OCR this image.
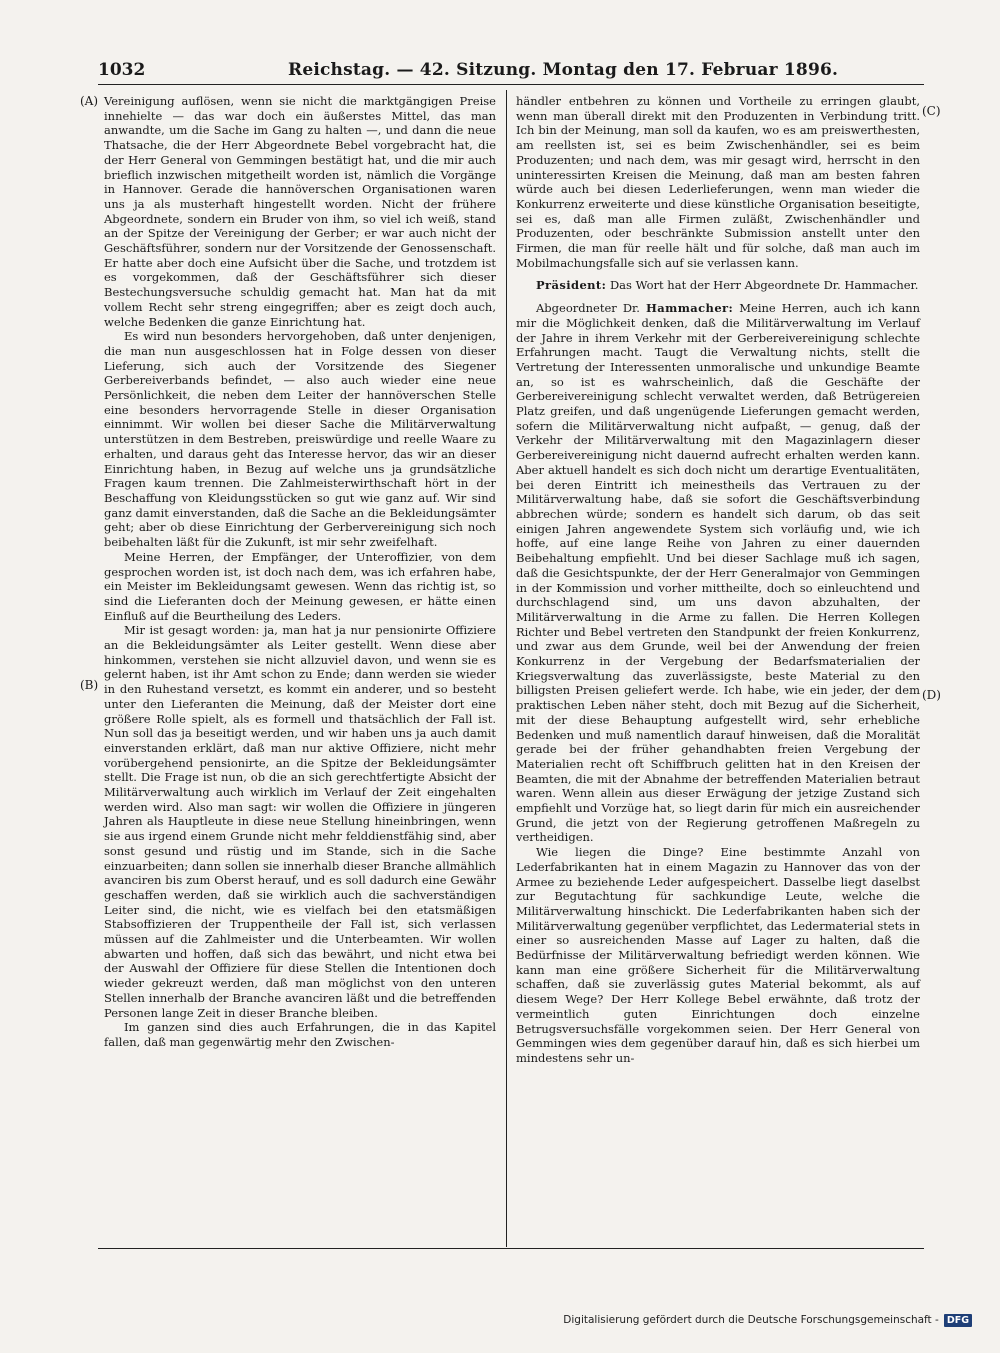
1032	Reichstag. — 42. Sitzung. Montag den 17. Februar 1896.
(A)
(B)
(C)
(D)

Vereinigung auflösen, wenn sie nicht die marktgängigen Preise innehielte — das war doch ein äußerstes Mittel, das man anwandte, um die Sache im Gang zu halten —, und dann die neue Thatsache, die der Herr Abgeordnete Bebel vorgebracht hat, die der Herr General von Gemmingen bestätigt hat, und die mir auch brieflich inzwischen mitgetheilt worden ist, nämlich die Vorgänge in Hannover. Gerade die hannöverschen Organisationen waren uns ja als musterhaft hingestellt worden. Nicht der frühere Abgeordnete, sondern ein Bruder von ihm, so viel ich weiß, stand an der Spitze der Vereinigung der Gerber; er war auch nicht der Geschäftsführer, sondern nur der Vorsitzende der Genossenschaft. Er hatte aber doch eine Aufsicht über die Sache, und trotzdem ist es vorgekommen, daß der Geschäftsführer sich dieser Bestechungsversuche schuldig gemacht hat. Man hat da mit vollem Recht sehr streng eingegriffen; aber es zeigt doch auch, welche Bedenken die ganze Einrichtung hat.

Es wird nun besonders hervorgehoben, daß unter denjenigen, die man nun ausgeschlossen hat in Folge dessen von dieser Lieferung, sich auch der Vorsitzende des Siegener Gerbereiverbands befindet, — also auch wieder eine neue Persönlichkeit, die neben dem Leiter der hannöverschen Stelle eine besonders hervorragende Stelle in dieser Organisation einnimmt. Wir wollen bei dieser Sache die Militärverwaltung unterstützen in dem Bestreben, preiswürdige und reelle Waare zu erhalten, und daraus geht das Interesse hervor, das wir an dieser Einrichtung haben, in Bezug auf welche uns ja grundsätzliche Fragen kaum trennen. Die Zahlmeisterwirthschaft hört in der Beschaffung von Kleidungsstücken so gut wie ganz auf. Wir sind ganz damit einverstanden, daß die Sache an die Bekleidungsämter geht; aber ob diese Einrichtung der Gerbervereinigung sich noch beibehalten läßt für die Zukunft, ist mir sehr zweifelhaft.

Meine Herren, der Empfänger, der Unteroffizier, von dem gesprochen worden ist, ist doch nach dem, was ich erfahren habe, ein Meister im Bekleidungsamt gewesen. Wenn das richtig ist, so sind die Lieferanten doch der Meinung gewesen, er hätte einen Einfluß auf die Beurtheilung des Leders.

Mir ist gesagt worden: ja, man hat ja nur pensionirte Offiziere an die Bekleidungsämter als Leiter gestellt. Wenn diese aber hinkommen, verstehen sie nicht allzuviel davon, und wenn sie es gelernt haben, ist ihr Amt schon zu Ende; dann werden sie wieder in den Ruhestand versetzt, es kommt ein anderer, und so besteht unter den Lieferanten die Meinung, daß der Meister dort eine größere Rolle spielt, als es formell und thatsächlich der Fall ist. Nun soll das ja beseitigt werden, und wir haben uns ja auch damit einverstanden erklärt, daß man nur aktive Offiziere, nicht mehr vorübergehend pensionirte, an die Spitze der Bekleidungsämter stellt. Die Frage ist nun, ob die an sich gerechtfertigte Absicht der Militärverwaltung auch wirklich im Verlauf der Zeit eingehalten werden wird. Also man sagt: wir wollen die Offiziere in jüngeren Jahren als Hauptleute in diese neue Stellung hineinbringen, wenn sie aus irgend einem Grunde nicht mehr felddienstfähig sind, aber sonst gesund und rüstig und im Stande, sich in die Sache einzuarbeiten; dann sollen sie innerhalb dieser Branche allmählich avanciren bis zum Oberst herauf, und es soll dadurch eine Gewähr geschaffen werden, daß sie wirklich auch die sachverständigen Leiter sind, die nicht, wie es vielfach bei den etatsmäßigen Stabsoffizieren der Truppentheile der Fall ist, sich verlassen müssen auf die Zahlmeister und die Unterbeamten. Wir wollen abwarten und hoffen, daß sich das bewährt, und nicht etwa bei der Auswahl der Offiziere für diese Stellen die Intentionen doch wieder gekreuzt werden, daß man möglichst von den unteren Stellen innerhalb der Branche avanciren läßt und die betreffenden Personen lange Zeit in dieser Branche bleiben.

Im ganzen sind dies auch Erfahrungen, die in das Kapitel fallen, daß man gegenwärtig mehr den Zwischen-

händler entbehren zu können und Vortheile zu erringen glaubt, wenn man überall direkt mit den Produzenten in Verbindung tritt. Ich bin der Meinung, man soll da kaufen, wo es am preiswerthesten, am reellsten ist, sei es beim Zwischenhändler, sei es beim Produzenten; und nach dem, was mir gesagt wird, herrscht in den uninteressirten Kreisen die Meinung, daß man am besten fahren würde auch bei diesen Lederlieferungen, wenn man wieder die Konkurrenz erweiterte und diese künstliche Organisation beseitigte, sei es, daß man alle Firmen zuläßt, Zwischenhändler und Produzenten, oder beschränkte Submission anstellt unter den Firmen, die man für reelle hält und für solche, daß man auch im Mobilmachungsfalle sich auf sie verlassen kann.

Präsident: Das Wort hat der Herr Abgeordnete Dr. Hammacher.

Abgeordneter Dr. Hammacher: Meine Herren, auch ich kann mir die Möglichkeit denken, daß die Militärverwaltung im Verlauf der Jahre in ihrem Verkehr mit der Gerbereivereinigung schlechte Erfahrungen macht. Taugt die Verwaltung nichts, stellt die Vertretung der Interessenten unmoralische und unkundige Beamte an, so ist es wahrscheinlich, daß die Geschäfte der Gerbereivereinigung schlecht verwaltet werden, daß Betrügereien Platz greifen, und daß ungenügende Lieferungen gemacht werden, sofern die Militärverwaltung nicht aufpaßt, — genug, daß der Verkehr der Militärverwaltung mit den Magazinlagern dieser Gerbereivereinigung nicht dauernd aufrecht erhalten werden kann. Aber aktuell handelt es sich doch nicht um derartige Eventualitäten, bei deren Eintritt ich meinestheils das Vertrauen zu der Militärverwaltung habe, daß sie sofort die Geschäftsverbindung abbrechen würde; sondern es handelt sich darum, ob das seit einigen Jahren angewendete System sich vorläufig und, wie ich hoffe, auf eine lange Reihe von Jahren zu einer dauernden Beibehaltung empfiehlt. Und bei dieser Sachlage muß ich sagen, daß die Gesichtspunkte, der der Herr Generalmajor von Gemmingen in der Kommission und vorher mittheilte, doch so einleuchtend und durchschlagend sind, um uns davon abzuhalten, der Militärverwaltung in die Arme zu fallen. Die Herren Kollegen Richter und Bebel vertreten den Standpunkt der freien Konkurrenz, und zwar aus dem Grunde, weil bei der Anwendung der freien Konkurrenz in der Vergebung der Bedarfsmaterialien der Kriegsverwaltung das zuverlässigste, beste Material zu den billigsten Preisen geliefert werde. Ich habe, wie ein jeder, der dem praktischen Leben näher steht, doch mit Bezug auf die Sicherheit, mit der diese Behauptung aufgestellt wird, sehr erhebliche Bedenken und muß namentlich darauf hinweisen, daß die Moralität gerade bei der früher gehandhabten freien Vergebung der Materialien recht oft Schiffbruch gelitten hat in den Kreisen der Beamten, die mit der Abnahme der betreffenden Materialien betraut waren. Wenn allein aus dieser Erwägung der jetzige Zustand sich empfiehlt und Vorzüge hat, so liegt darin für mich ein ausreichender Grund, die jetzt von der Regierung getroffenen Maßregeln zu vertheidigen.

Wie liegen die Dinge? Eine bestimmte Anzahl von Lederfabrikanten hat in einem Magazin zu Hannover das von der Armee zu beziehende Leder aufgespeichert. Dasselbe liegt daselbst zur Begutachtung für sachkundige Leute, welche die Militärverwaltung hinschickt. Die Lederfabrikanten haben sich der Militärverwaltung gegenüber verpflichtet, das Ledermaterial stets in einer so ausreichenden Masse auf Lager zu halten, daß die Bedürfnisse der Militärverwaltung befriedigt werden können. Wie kann man eine größere Sicherheit für die Militärverwaltung schaffen, daß sie zuverlässig gutes Material bekommt, als auf diesem Wege? Der Herr Kollege Bebel erwähnte, daß trotz der vermeintlich guten Einrichtungen doch einzelne Betrugsversuchsfälle vorgekommen seien. Der Herr General von Gemmingen wies dem gegenüber darauf hin, daß es sich hierbei um mindestens sehr un-

Digitalisierung gefördert durch die Deutsche Forschungsgemeinschaft - DFG
